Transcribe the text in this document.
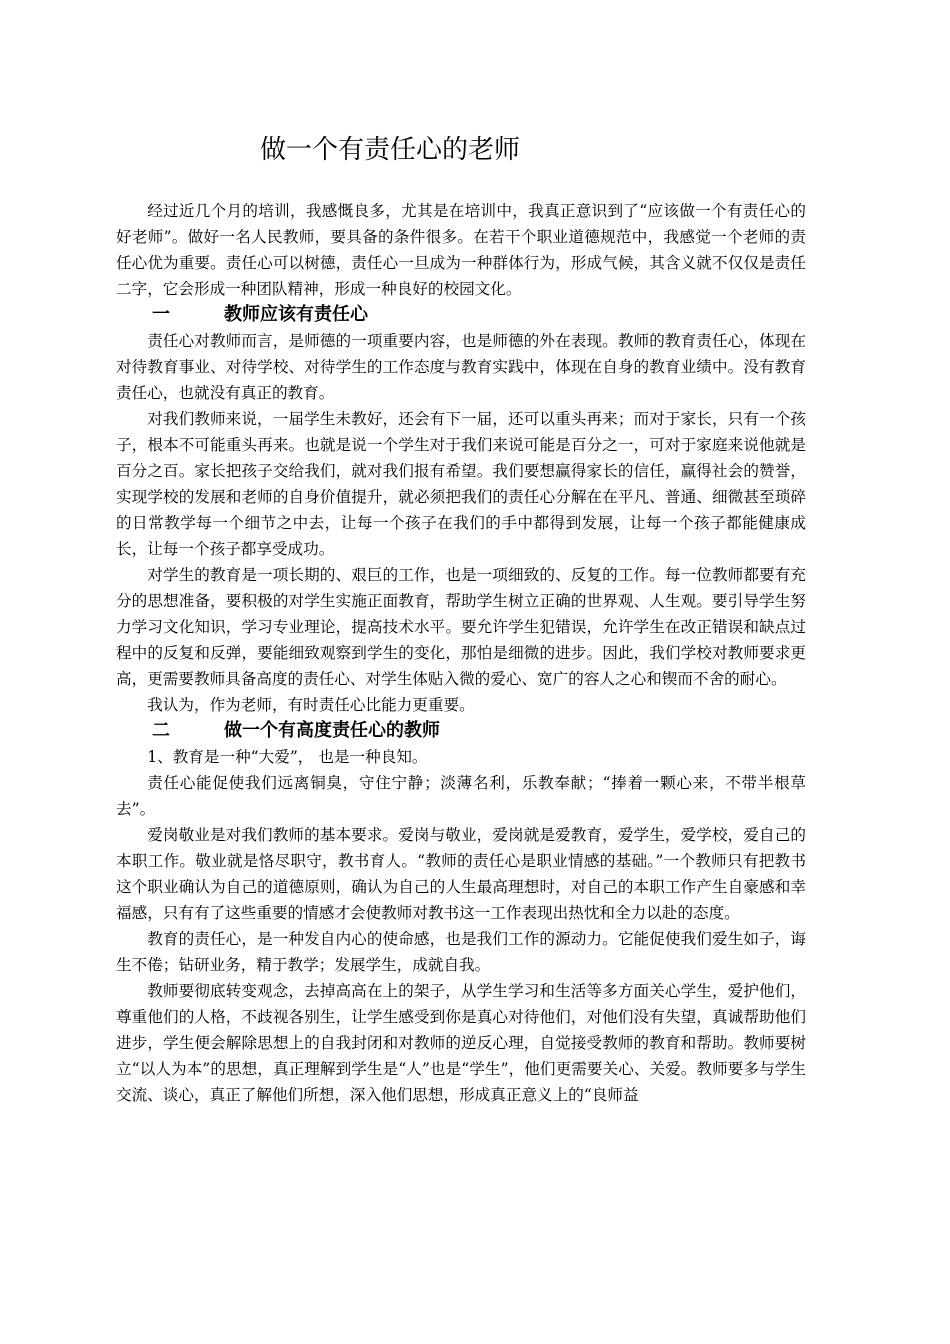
做一个有责任心的老师

经过近几个月的培训，我感慨良多，尤其是在培训中，我真正意识到了“应该做一个有责任心的好老师”。做好一名人民教师，要具备的条件很多。在若干个职业道德规范中，我感觉一个老师的责任心优为重要。责任心可以树德，责任心一旦成为一种群体行为，形成气候，其含义就不仅仅是责任二字，它会形成一种团队精神，形成一种良好的校园文化。

一	教师应该有责任心

责任心对教师而言，是师德的一项重要内容，也是师德的外在表现。教师的教育责任心，体现在对待教育事业、对待学校、对待学生的工作态度与教育实践中，体现在自身的教育业绩中。没有教育责任心，也就没有真正的教育。

对我们教师来说，一届学生未教好，还会有下一届，还可以重头再来；而对于家长，只有一个孩子，根本不可能重头再来。也就是说一个学生对于我们来说可能是百分之一，可对于家庭来说他就是百分之百。家长把孩子交给我们，就对我们报有希望。我们要想赢得家长的信任，赢得社会的赞誉，实现学校的发展和老师的自身价值提升，就必须把我们的责任心分解在在平凡、普通、细微甚至琐碎的日常教学每一个细节之中去，让每一个孩子在我们的手中都得到发展，让每一个孩子都能健康成长，让每一个孩子都享受成功。

对学生的教育是一项长期的、艰巨的工作，也是一项细致的、反复的工作。每一位教师都要有充分的思想准备，要积极的对学生实施正面教育，帮助学生树立正确的世界观、人生观。要引导学生努力学习文化知识，学习专业理论，提高技术水平。要允许学生犯错误，允许学生在改正错误和缺点过程中的反复和反弹，要能细致观察到学生的变化，那怕是细微的进步。因此，我们学校对教师要求更高，更需要教师具备高度的责任心、对学生体贴入微的爱心、宽广的容人之心和锲而不舍的耐心。

我认为，作为老师，有时责任心比能力更重要。

二	做一个有高度责任心的教师

1、教育是一种“大爱”， 也是一种良知。

责任心能促使我们远离铜臭，守住宁静；淡薄名利，乐教奉献；“捧着一颗心来，不带半根草去”。

爱岗敬业是对我们教师的基本要求。爱岗与敬业，爱岗就是爱教育，爱学生，爱学校，爱自己的本职工作。敬业就是恪尽职守，教书育人。“教师的责任心是职业情感的基础。”一个教师只有把教书这个职业确认为自己的道德原则，确认为自己的人生最高理想时，对自己的本职工作产生自豪感和幸福感，只有有了这些重要的情感才会使教师对教书这一工作表现出热忱和全力以赴的态度。

教育的责任心，是一种发自内心的使命感，也是我们工作的源动力。它能促使我们爱生如子，诲生不倦；钻研业务，精于教学；发展学生，成就自我。

教师要彻底转变观念，去掉高高在上的架子，从学生学习和生活等多方面关心学生，爱护他们，尊重他们的人格，不歧视各别生，让学生感受到你是真心对待他们，对他们没有失望，真诚帮助他们进步，学生便会解除思想上的自我封闭和对教师的逆反心理，自觉接受教师的教育和帮助。教师要树立“以人为本”的思想，真正理解到学生是“人”也是“学生”，他们更需要关心、关爱。教师要多与学生交流、谈心，真正了解他们所想，深入他们思想，形成真正意义上的“良师益
